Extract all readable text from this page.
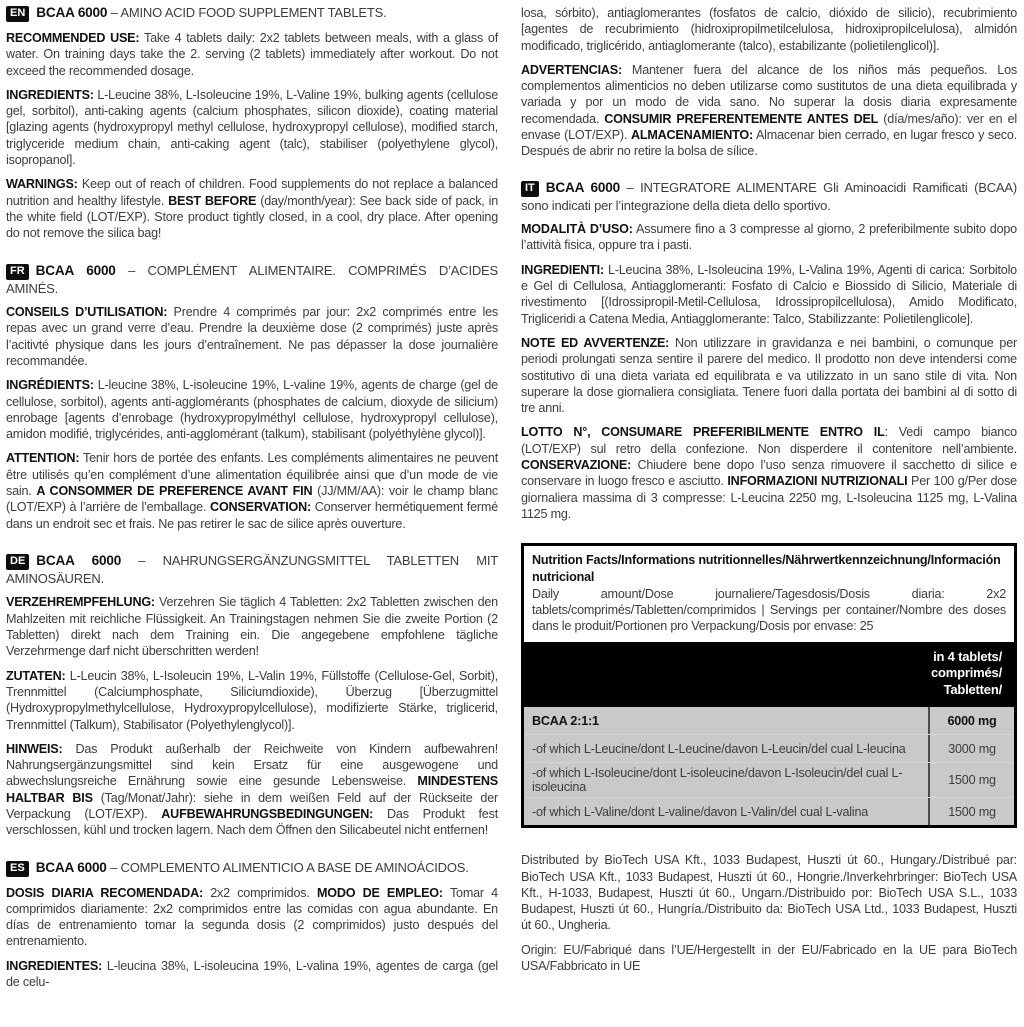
EN BCAA 6000 – AMINO ACID FOOD SUPPLEMENT TABLETS.

RECOMMENDED USE: Take 4 tablets daily: 2x2 tablets between meals, with a glass of water. On training days take the 2. serving (2 tablets) immediately after workout. Do not exceed the recommended dosage.

INGREDIENTS: L-Leucine 38%, L-Isoleucine 19%, L-Valine 19%, bulking agents (cellulose gel, sorbitol), anti-caking agents (calcium phosphates, silicon dioxide), coating material [glazing agents (hydroxypropyl methyl cellulose, hydroxypropyl cellulose), modified starch, triglyceride medium chain, anti-caking agent (talc), stabiliser (polyethylene glycol), isopropanol].

WARNINGS: Keep out of reach of children. Food supplements do not replace a balanced nutrition and healthy lifestyle. BEST BEFORE (day/month/year): See back side of pack, in the white field (LOT/EXP). Store product tightly closed, in a cool, dry place. After opening do not remove the silica bag!

FR BCAA 6000 – COMPLÉMENT ALIMENTAIRE. COMPRIMÉS D’ACIDES AMINÉS.

CONSEILS D’UTILISATION: Prendre 4 comprimés par jour: 2x2 comprimés entre les repas avec un grand verre d’eau. Prendre la deuxième dose (2 comprimés) juste après l’acitivté physique dans les jours d’entraînement. Ne pas dépasser la dose journalière recommandée.

INGRÉDIENTS: L-leucine 38%, L-isoleucine 19%, L-valine 19%, agents de charge (gel de cellulose, sorbitol), agents anti-agglomérants (phosphates de calcium, dioxyde de silicium) enrobage [agents d’enrobage (hydroxypropylméthyl cellulose, hydroxypropyl cellulose), amidon modifié, triglycérides, anti-agglomérant (talkum), stabilisant (polyéthylène glycol)].

ATTENTION: Tenir hors de portée des enfants. Les compléments alimentaires ne peuvent être utilisés qu’en complément d’une alimentation équilibrée ainsi que d’un mode de vie sain. A CONSOMMER DE PREFERENCE AVANT FIN (JJ/MM/AA): voir le champ blanc (LOT/EXP) à l’arrière de l’emballage. CONSERVATION: Conserver hermétiquement fermé dans un endroit sec et frais. Ne pas retirer le sac de silice après ouverture.

DE BCAA 6000 – NAHRUNGSERGÄNZUNGSMITTEL TABLETTEN MIT AMINOSÄUREN.

VERZEHREMPFEHLUNG: Verzehren Sie täglich 4 Tabletten: 2x2 Tabletten zwischen den Mahlzeiten mit reichliche Flüssigkeit. An Trainingstagen nehmen Sie die zweite Portion (2 Tabletten) direkt nach dem Training ein. Die angegebene empfohlene tägliche Verzehrmenge darf nicht überschritten werden!

ZUTATEN: L-Leucin 38%, L-Isoleucin 19%, L-Valin 19%, Füllstoffe (Cellulose-Gel, Sorbit), Trennmittel (Calciumphosphate, Siliciumdioxide), Überzug [Überzugmittel (Hydroxypropylmethylcellulose, Hydroxypropylcellulose), modifizierte Stärke, triglicerid, Trennmittel (Talkum), Stabilisator (Polyethylenglycol)].

HINWEIS: Das Produkt außerhalb der Reichweite von Kindern aufbewahren! Nahrungsergänzungsmittel sind kein Ersatz für eine ausgewogene und abwechslungsreiche Ernährung sowie eine gesunde Lebensweise. MINDESTENS HALTBAR BIS (Tag/Monat/Jahr): siehe in dem weißen Feld auf der Rückseite der Verpackung (LOT/EXP). AUFBEWAHRUNGSBEDINGUNGEN: Das Produkt fest verschlossen, kühl und trocken lagern. Nach dem Öffnen den Silicabeutel nicht entfernen!

ES BCAA 6000 – COMPLEMENTO ALIMENTICIO A BASE DE AMINOÁCIDOS.

DOSIS DIARIA RECOMENDADA: 2x2 comprimidos. MODO DE EMPLEO: Tomar 4 comprimidos diariamente: 2x2 comprimidos entre las comidas con agua abundante. En días de entrenamiento tomar la segunda dosis (2 comprimidos) justo después del entrenamiento.

INGREDIENTES: L-leucina 38%, L-isoleucina 19%, L-valina 19%, agentes de carga (gel de celu-

losa, sórbito), antiaglomerantes (fosfatos de calcio, dióxido de silicio), recubrimiento [agentes de recubrimiento (hidroxipropilmetilcelulosa, hidroxipropilcelulosa), almidón modificado, triglicérido, antiaglomerante (talco), estabilizante (polietilenglicol)].

ADVERTENCIAS: Mantener fuera del alcance de los niños más pequeños. Los complementos alimenticios no deben utilizarse como sustitutos de una dieta equilibrada y variada y por un modo de vida sano. No superar la dosis diaria expresamente recomendada. CONSUMIR PREFERENTEMENTE ANTES DEL (día/mes/año): ver en el envase (LOT/EXP). ALMACENAMIENTO: Almacenar bien cerrado, en lugar fresco y seco. Después de abrir no retire la bolsa de sílice.

IT BCAA 6000 – INTEGRATORE ALIMENTARE Gli Aminoacidi Ramificati (BCAA) sono indicati per l’integrazione della dieta dello sportivo.

MODALITÀ D’USO: Assumere fino a 3 compresse al giorno, 2 preferibilmente subito dopo l’attività fisica, oppure tra i pasti.

INGREDIENTI: L-Leucina 38%, L-Isoleucina 19%, L-Valina 19%, Agenti di carica: Sorbitolo e Gel di Cellulosa, Antiagglomeranti: Fosfato di Calcio e Biossido di Silicio, Materiale di rivestimento [(Idrossipropil-Metil-Cellulosa, Idrossipropilcellulosa), Amido Modificato, Trigliceridi a Catena Media, Antiagglomerante: Talco, Stabilizzante: Polietilenglicole].

NOTE ED AVVERTENZE: Non utilizzare in gravidanza e nei bambini, o comunque per periodi prolungati senza sentire il parere del medico. Il prodotto non deve intendersi come sostitutivo di una dieta variata ed equilibrata e va utilizzato in un sano stile di vita. Non superare la dose giornaliera consigliata. Tenere fuori dalla portata dei bambini al di sotto di tre anni.

LOTTO N°, CONSUMARE PREFERIBILMENTE ENTRO IL: Vedi campo bianco (LOT/EXP) sul retro della confezione. Non disperdere il contenitore nell’ambiente. CONSERVAZIONE: Chiudere bene dopo l’uso senza rimuovere il sacchetto di silice e conservare in luogo fresco e asciutto. INFORMAZIONI NUTRIZIONALI Per 100 g/Per dose giornaliera massima di 3 compresse: L-Leucina 2250 mg, L-Isoleucina 1125 mg, L-Valina 1125 mg.

Nutrition Facts/Informations nutritionnelles/Nährwertkennzeichnung/Información nutricional

Daily amount/Dose journaliere/Tagesdosis/Dosis diaria: 2x2 tablets/comprimés/Tabletten/comprimidos | Servings per container/Nombre des doses dans le produit/Portionen pro Verpackung/Dosis por envase: 25

in 4 tablets/
comprimés/
Tabletten/
BCAA 2:1:1	6000 mg
-of which L-Leucine/dont L-Leucine/davon L-Leucin/del cual L-leucina	3000 mg
-of which L-Isoleucine/dont L-isoleucine/davon L-Isoleucin/del cual L-isoleucina	1500 mg
-of which L-Valine/dont L-valine/davon L-Valin/del cual L-valina	1500 mg

Distributed by BioTech USA Kft., 1033 Budapest, Huszti út 60., Hungary./Distribué par: BioTech USA Kft., 1033 Budapest, Huszti út 60., Hongrie./Inverkehrbringer: BioTech USA Kft., H-1033, Budapest, Huszti út 60., Ungarn./Distribuido por: BioTech USA S.L., 1033 Budapest, Huszti út 60., Hungría./Distribuito da: BioTech USA Ltd., 1033 Budapest, Huszti út 60., Ungheria.

Origin: EU/Fabriqué dans l’UE/Hergestellt in der EU/Fabricado en la UE para BioTech USA/Fabbricato in UE
